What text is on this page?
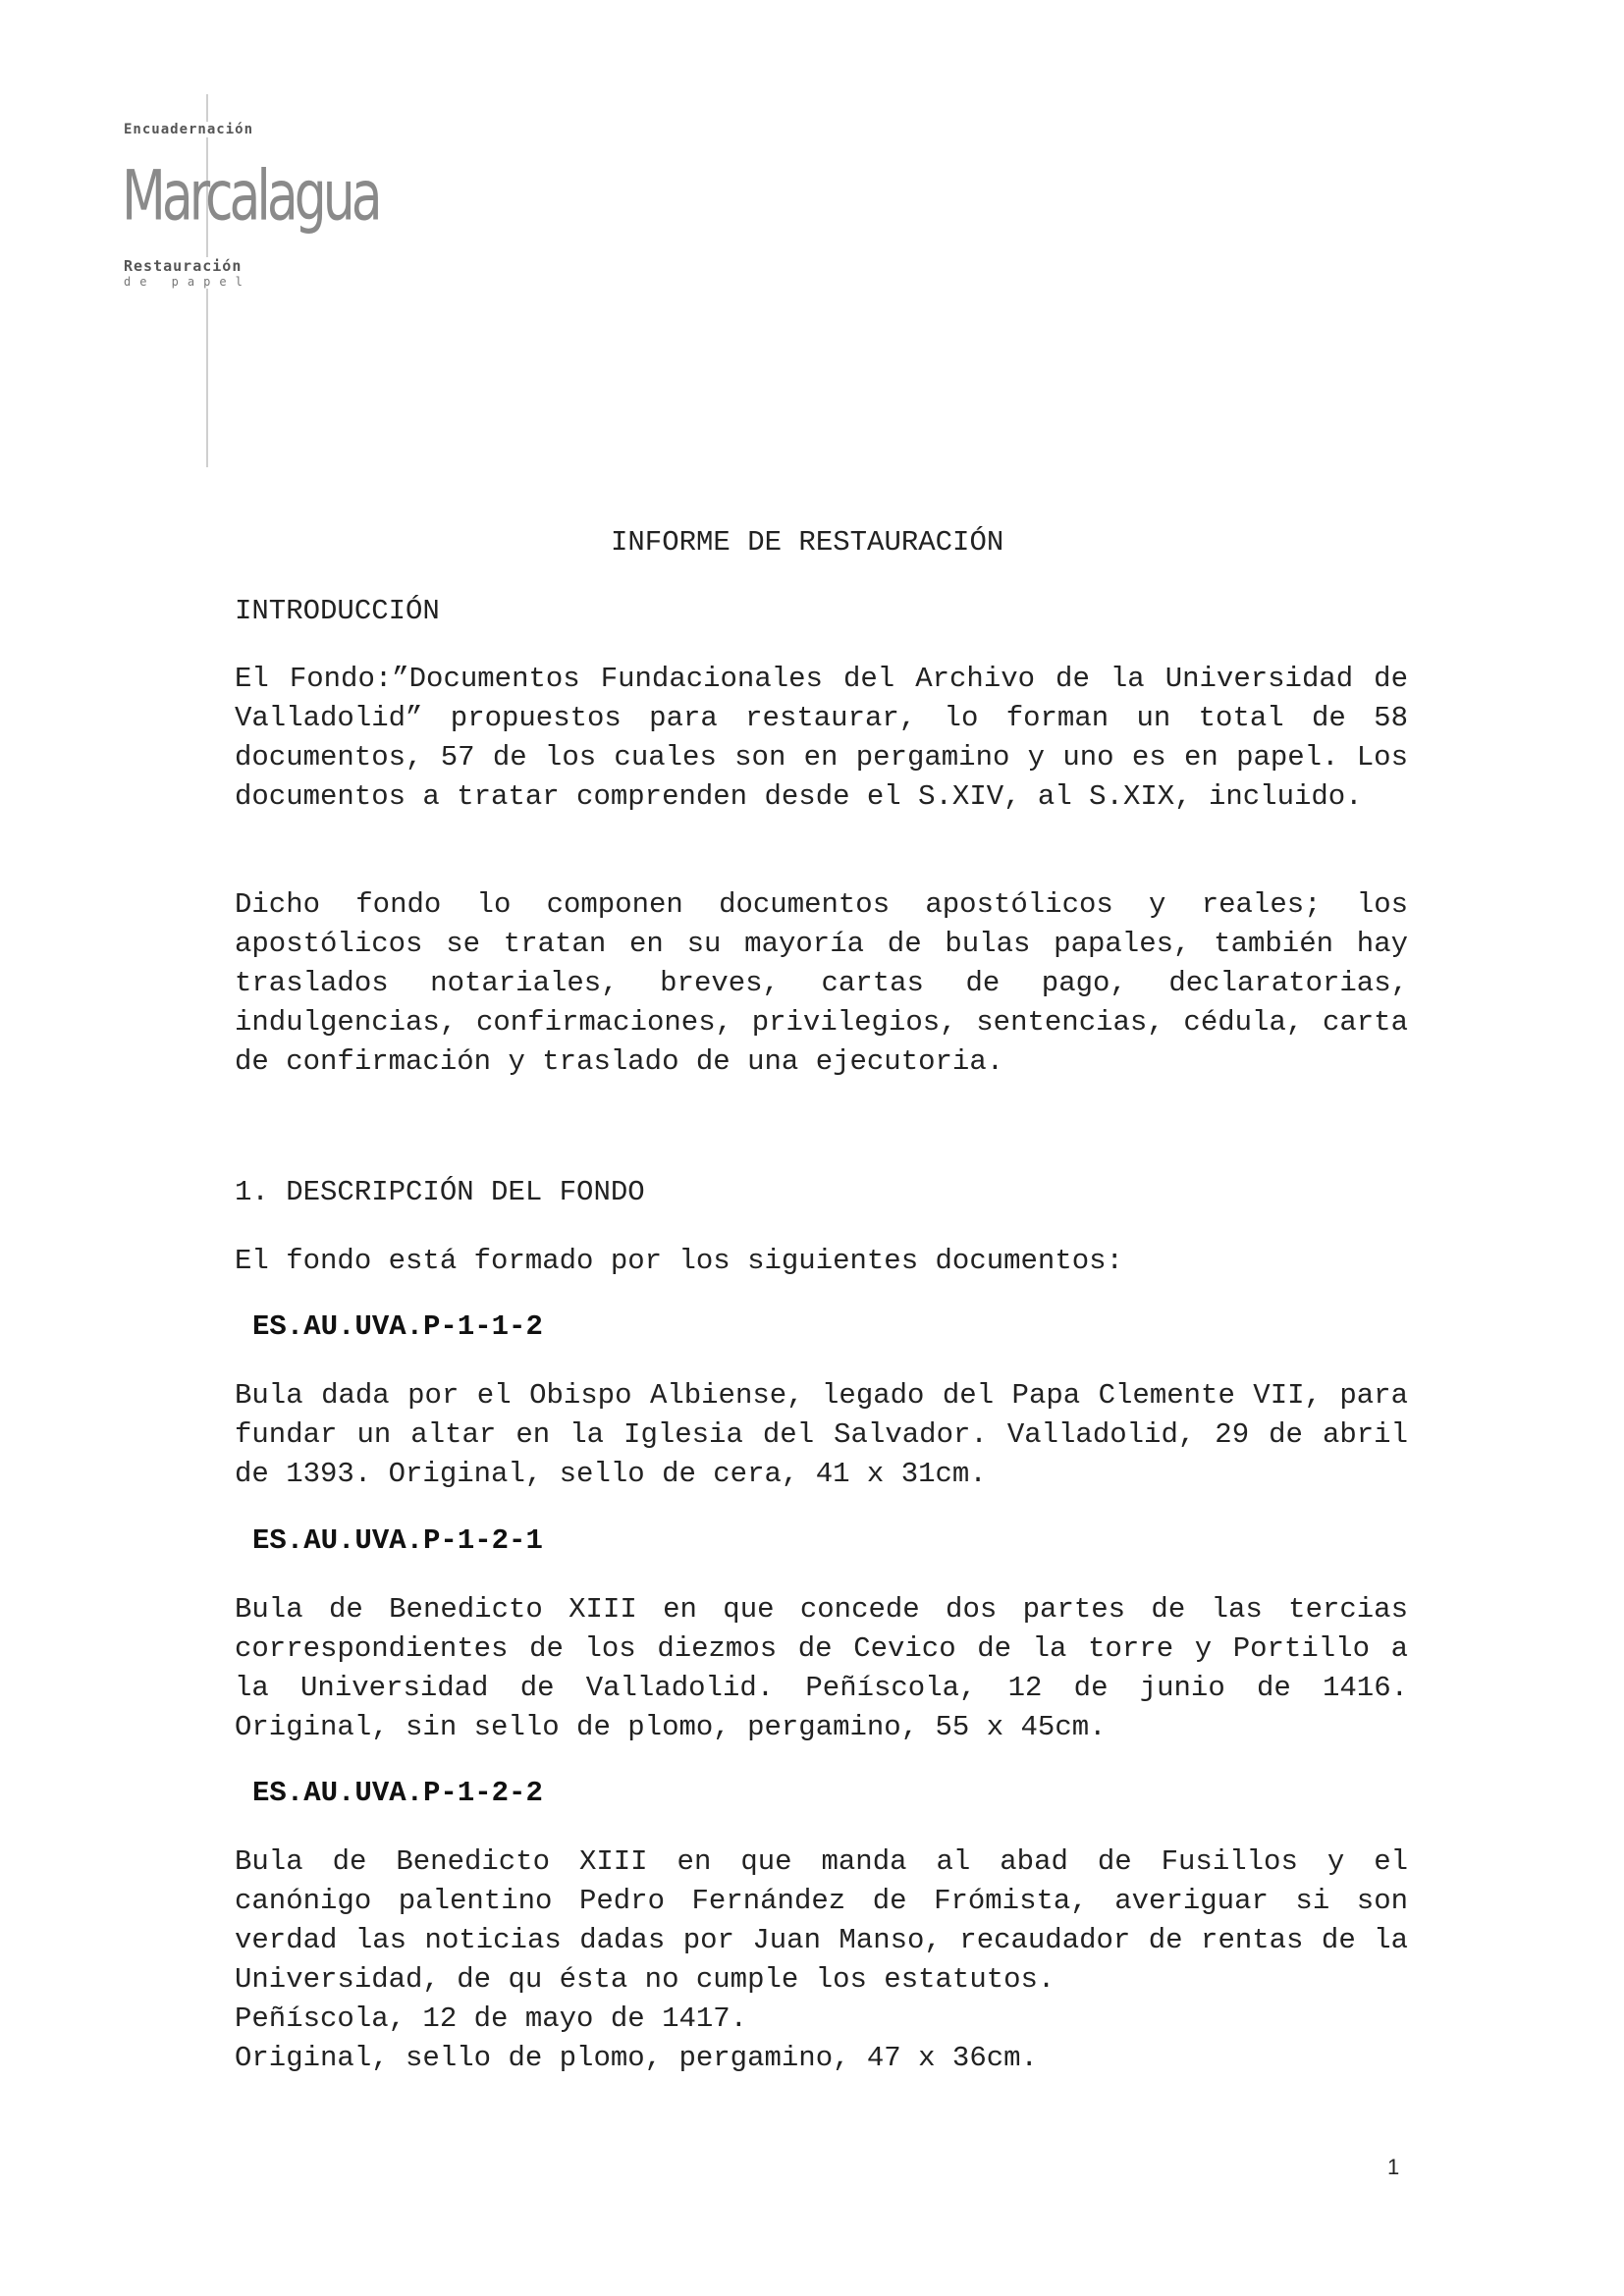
Encuadernación
Marcalagua
Restauración
de papel
INFORME DE RESTAURACIÓN
INTRODUCCIÓN
El Fondo:”Documentos Fundacionales del Archivo de la Universidad de Valladolid” propuestos para restaurar, lo forman un total de 58 documentos, 57 de los cuales son en pergamino y uno es en papel. Los documentos a tratar comprenden desde el S.XIV, al S.XIX, incluido.
Dicho fondo lo componen documentos apostólicos y reales; los apostólicos se tratan en su mayoría de bulas papales, también hay traslados notariales, breves, cartas de pago, declaratorias, indulgencias, confirmaciones, privilegios, sentencias, cédula, carta de confirmación y traslado de una ejecutoria.
1. DESCRIPCIÓN DEL FONDO
El fondo está formado por los siguientes documentos:
ES.AU.UVA.P-1-1-2
Bula dada por el Obispo Albiense, legado del Papa Clemente VII, para fundar un altar en la Iglesia del Salvador. Valladolid, 29 de abril de 1393. Original, sello de cera, 41 x 31cm.
ES.AU.UVA.P-1-2-1
Bula de Benedicto XIII en que concede dos partes de las tercias correspondientes de los diezmos de Cevico de la torre y Portillo a la Universidad de Valladolid. Peñíscola, 12 de junio de 1416. Original, sin sello de plomo, pergamino, 55 x 45cm.
ES.AU.UVA.P-1-2-2
Bula de Benedicto XIII en que manda al abad de Fusillos y el canónigo palentino Pedro Fernández de Frómista, averiguar si son verdad las noticias dadas por Juan Manso, recaudador de rentas de la Universidad, de qu ésta no cumple los estatutos.
Peñíscola, 12 de mayo de 1417.
Original, sello de plomo, pergamino, 47 x 36cm.
1
